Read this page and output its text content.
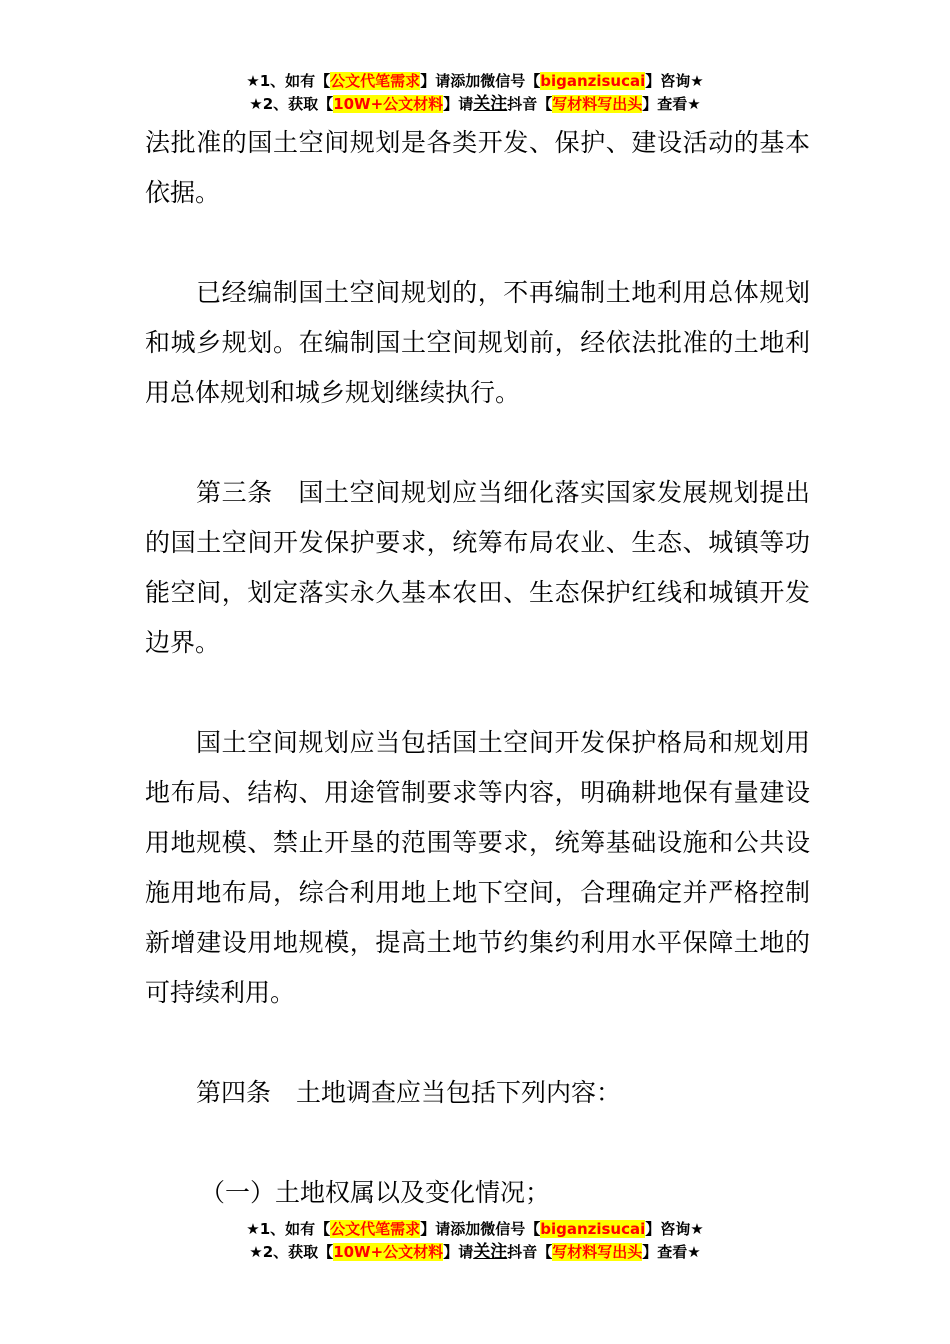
★1、如有【公文代笔需求】请添加微信号【biganzisucai】咨询★
★2、获取【10W+公文材料】请关注抖音【写材料写出头】查看★

法批准的国土空间规划是各类开发、保护、建设活动的基本依据。

已经编制国土空间规划的，不再编制土地利用总体规划和城乡规划。在编制国土空间规划前，经依法批准的土地利用总体规划和城乡规划继续执行。

第三条　国土空间规划应当细化落实国家发展规划提出的国土空间开发保护要求，统筹布局农业、生态、城镇等功能空间，划定落实永久基本农田、生态保护红线和城镇开发边界。

国土空间规划应当包括国土空间开发保护格局和规划用地布局、结构、用途管制要求等内容，明确耕地保有量建设用地规模、禁止开垦的范围等要求，统筹基础设施和公共设施用地布局，综合利用地上地下空间，合理确定并严格控制新增建设用地规模，提高土地节约集约利用水平保障土地的可持续利用。

第四条　土地调查应当包括下列内容：

（一）土地权属以及变化情况；

★1、如有【公文代笔需求】请添加微信号【biganzisucai】咨询★
★2、获取【10W+公文材料】请关注抖音【写材料写出头】查看★
